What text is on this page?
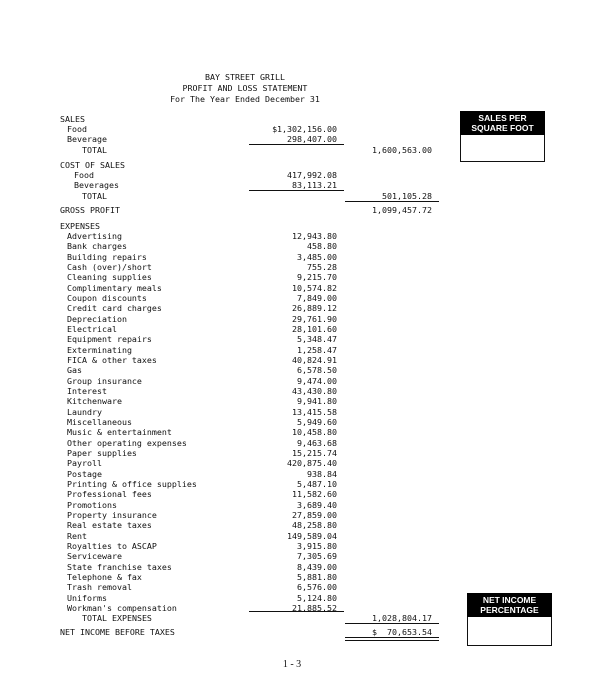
BAY STREET GRILL
PROFIT AND LOSS STATEMENT
For The Year Ended December 31
SALES
Food	$1,302,156.00
Beverage	298,407.00
TOTAL	1,600,563.00
COST OF SALES
Food	417,992.08
Beverages	83,113.21
TOTAL	501,105.28
GROSS PROFIT	1,099,457.72
EXPENSES
Advertising	12,943.80
Bank charges	458.80
Building repairs	3,485.00
Cash (over)/short	755.28
Cleaning supplies	9,215.70
Complimentary meals	10,574.82
Coupon discounts	7,849.00
Credit card charges	26,889.12
Depreciation	29,761.90
Electrical	28,101.60
Equipment repairs	5,348.47
Exterminating	1,258.47
FICA & other taxes	40,824.91
Gas	6,578.50
Group insurance	9,474.00
Interest	43,430.80
Kitchenware	9,941.80
Laundry	13,415.58
Miscellaneous	5,949.60
Music & entertainment	10,458.80
Other operating expenses	9,463.68
Paper supplies	15,215.74
Payroll	420,875.40
Postage	938.84
Printing & office supplies	5,487.10
Professional fees	11,582.60
Promotions	3,689.40
Property insurance	27,859.00
Real estate taxes	48,258.80
Rent	149,589.04
Royalties to ASCAP	3,915.80
Serviceware	7,305.69
State franchise taxes	8,439.00
Telephone & fax	5,881.80
Trash removal	6,576.00
Uniforms	5,124.80
Workman's compensation	21,885.52
TOTAL EXPENSES	1,028,804.17
NET INCOME BEFORE TAXES	$  70,653.54
SALES PER
SQUARE FOOT
NET INCOME
PERCENTAGE
1 - 3
